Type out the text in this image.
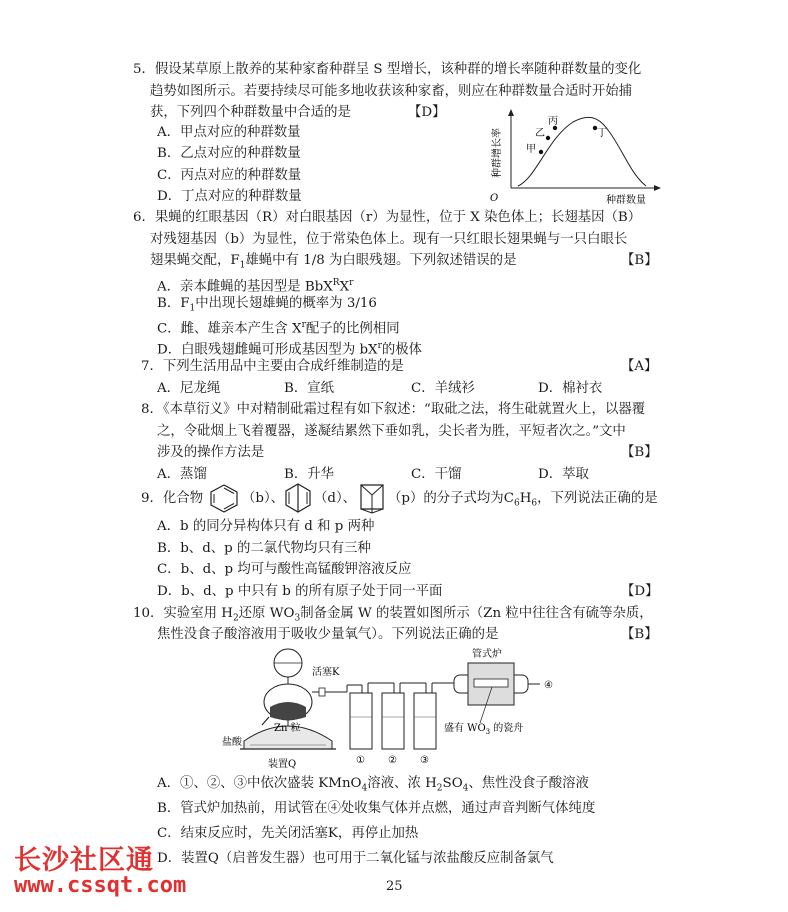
5．假设某草原上散养的某种家畜种群呈 S 型增长，该种群的增长率随种群数量的变化
趋势如图所示。若要持续尽可能多地收获该种家畜，则应在种群数量合适时开始捕
获，下列四个种群数量中合适的是	【D】
A．甲点对应的种群数量
B．乙点对应的种群数量
C．丙点对应的种群数量
D．丁点对应的种群数量
甲
乙
丙
丁
O	种群数量
种群增长率
6．果蝇的红眼基因（R）对白眼基因（r）为显性，位于 X 染色体上；长翅基因（B）
对残翅基因（b）为显性，位于常染色体上。现有一只红眼长翅果蝇与一只白眼长
翅果蝇交配，$F_1$雄蝇中有 1/8 为白眼残翅。下列叙述错误的是	【B】
A．亲本雌蝇的基因型是 $BbX^RX^r$
B．$F_1$中出现长翅雄蝇的概率为 3/16
C．雌、雄亲本产生含 $X^r$配子的比例相同
D．白眼残翅雌蝇可形成基因型为 $bX^r$的极体
7．下列生活用品中主要由合成纤维制造的是	【A】
A．尼龙绳	B．宣纸	C．羊绒衫	D．棉衬衣
8．《本草衍义》中对精制砒霜过程有如下叙述：“取砒之法，将生砒就置火上，以器覆
之，令砒烟上飞着覆器，遂凝结累然下垂如乳，尖长者为胜，平短者次之。”文中
涉及的操作方法是	【B】
A．蒸馏	B．升华	C．干馏	D．萃取
9．化合物	（b）、 （d）、 （p）的分子式均为$C_6H_6$，下列说法正确的是
A．b 的同分异构体只有 d 和 p 两种
B．b、d、p 的二氯代物均只有三种
C．b、d、p 均可与酸性高锰酸钾溶液反应
D．b、d、p 中只有 b 的所有原子处于同一平面	【D】
10．实验室用 $H_2$还原 $WO_3$制备金属 W 的装置如图所示（Zn 粒中往往含有硫等杂质，
焦性没食子酸溶液用于吸收少量氧气）。下列说法正确的是	【B】
活塞K
管式炉
Zn 粒
盐酸
装置Q	① ② ③
④
盛有 $WO_3$ 的瓷舟
A．①、②、③中依次盛装 KMnO$_4$溶液、浓 $H_2SO_4$、焦性没食子酸溶液
B．管式炉加热前，用试管在④处收集气体并点燃，通过声音判断气体纯度
C．结束反应时，先关闭活塞K，再停止加热
D．装置Q（启普发生器）也可用于二氧化锰与浓盐酸反应制备氯气
25
长沙社区通
www.cssqt.com
